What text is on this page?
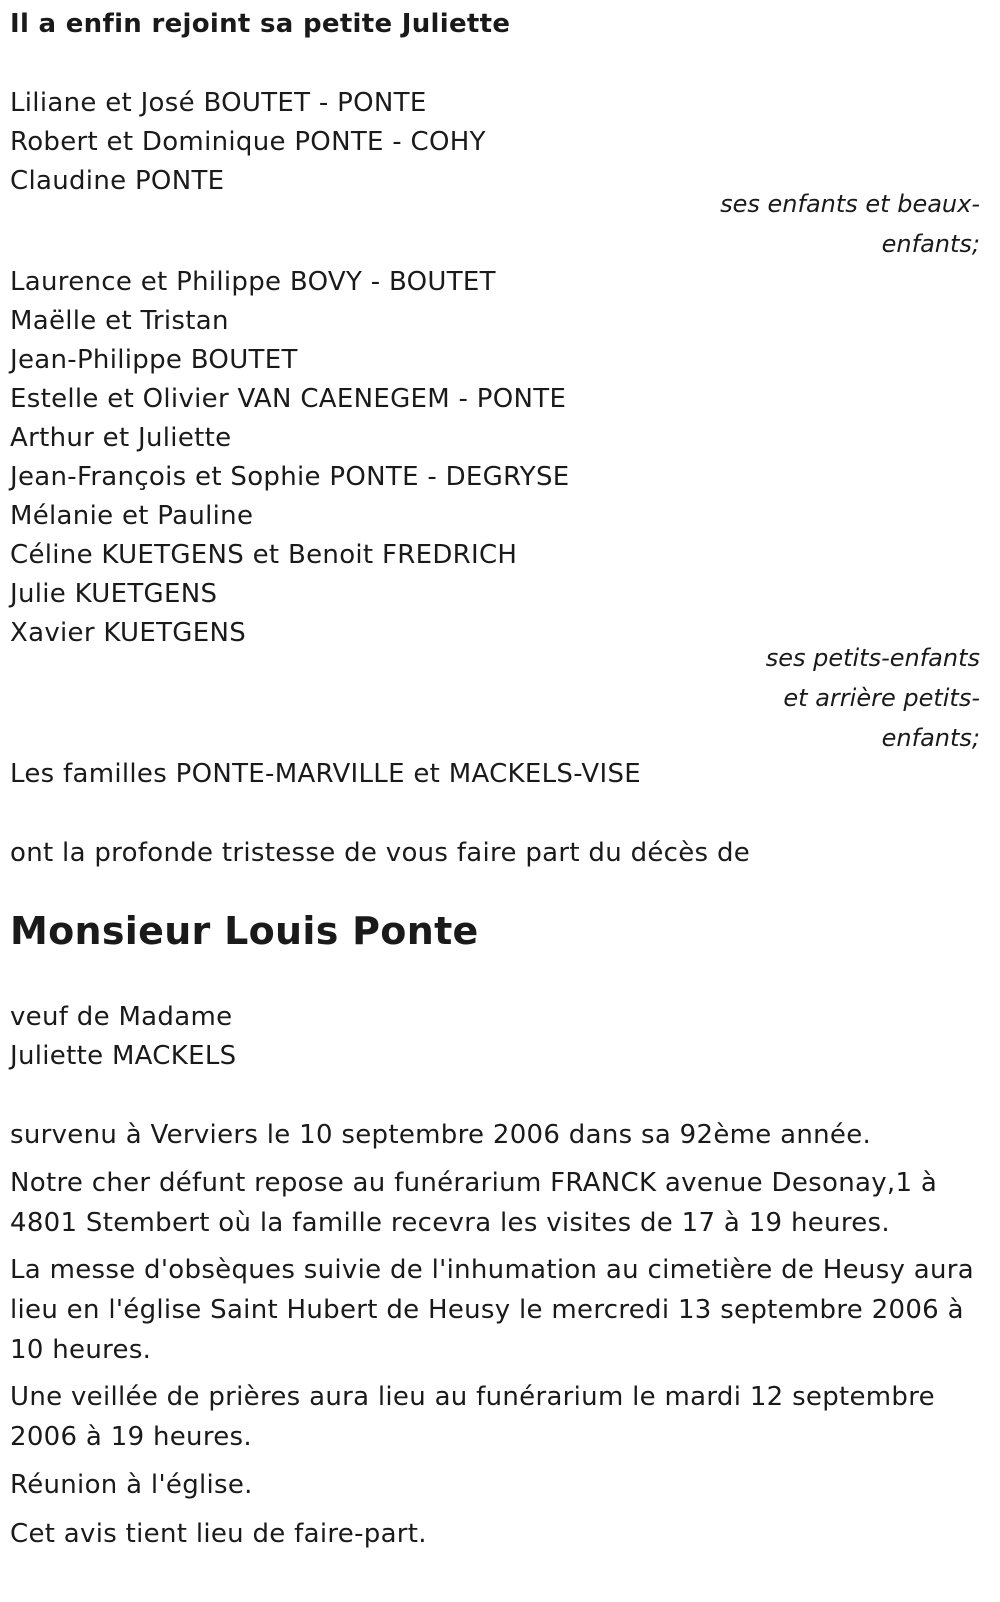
Il a enfin rejoint sa petite Juliette
Liliane et José BOUTET - PONTE
Robert et Dominique PONTE - COHY
Claudine PONTE
ses enfants et beaux-enfants;
Laurence et Philippe BOVY - BOUTET
Maëlle et Tristan
Jean-Philippe BOUTET
Estelle et Olivier VAN CAENEGEM - PONTE
Arthur et Juliette
Jean-François et Sophie PONTE - DEGRYSE
Mélanie et Pauline
Céline KUETGENS et Benoit FREDRICH
Julie KUETGENS
Xavier KUETGENS
ses petits-enfants et arrière petits-enfants;
Les familles PONTE-MARVILLE et MACKELS-VISE
ont la profonde tristesse de vous faire part du décès de
Monsieur Louis Ponte
veuf de Madame
Juliette MACKELS
survenu à Verviers le 10 septembre 2006 dans sa 92ème année.
Notre cher défunt repose au funérarium FRANCK avenue Desonay,1 à 4801 Stembert où la famille recevra les visites de 17 à 19 heures.
La messe d'obsèques suivie de l'inhumation au cimetière de Heusy aura lieu en l'église Saint Hubert de Heusy le mercredi 13 septembre 2006 à 10 heures.
Une veillée de prières aura lieu au funérarium le mardi 12 septembre 2006 à 19 heures.
Réunion à l'église.
Cet avis tient lieu de faire-part.
